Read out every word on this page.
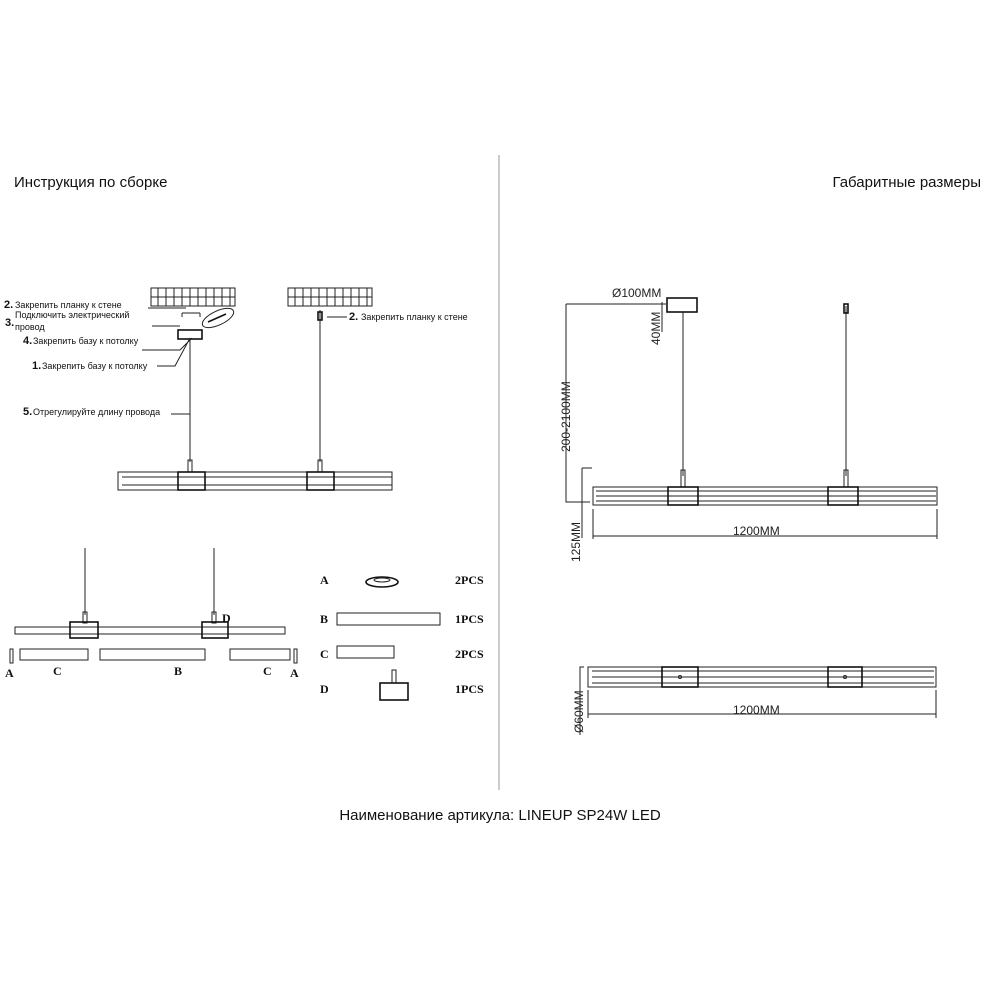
Инструкция по сборке	Габаритные размеры
Наименование артикула: LINEUP SP24W LED
2. Закрепить планку к стене
3.
Подключить электрический
провод
4. Закрепить базу к потолку
1. Закрепить базу к потолку
5. Отрегулируйте длину провода
2. Закрепить планку к стене
A	C	B	C A
D
A	2PCS
B	1PCS
C	2PCS
D	1PCS
Ø100MM
40MM
200-2100MM
125MM	1200MM
1200MM
Ø60MM
